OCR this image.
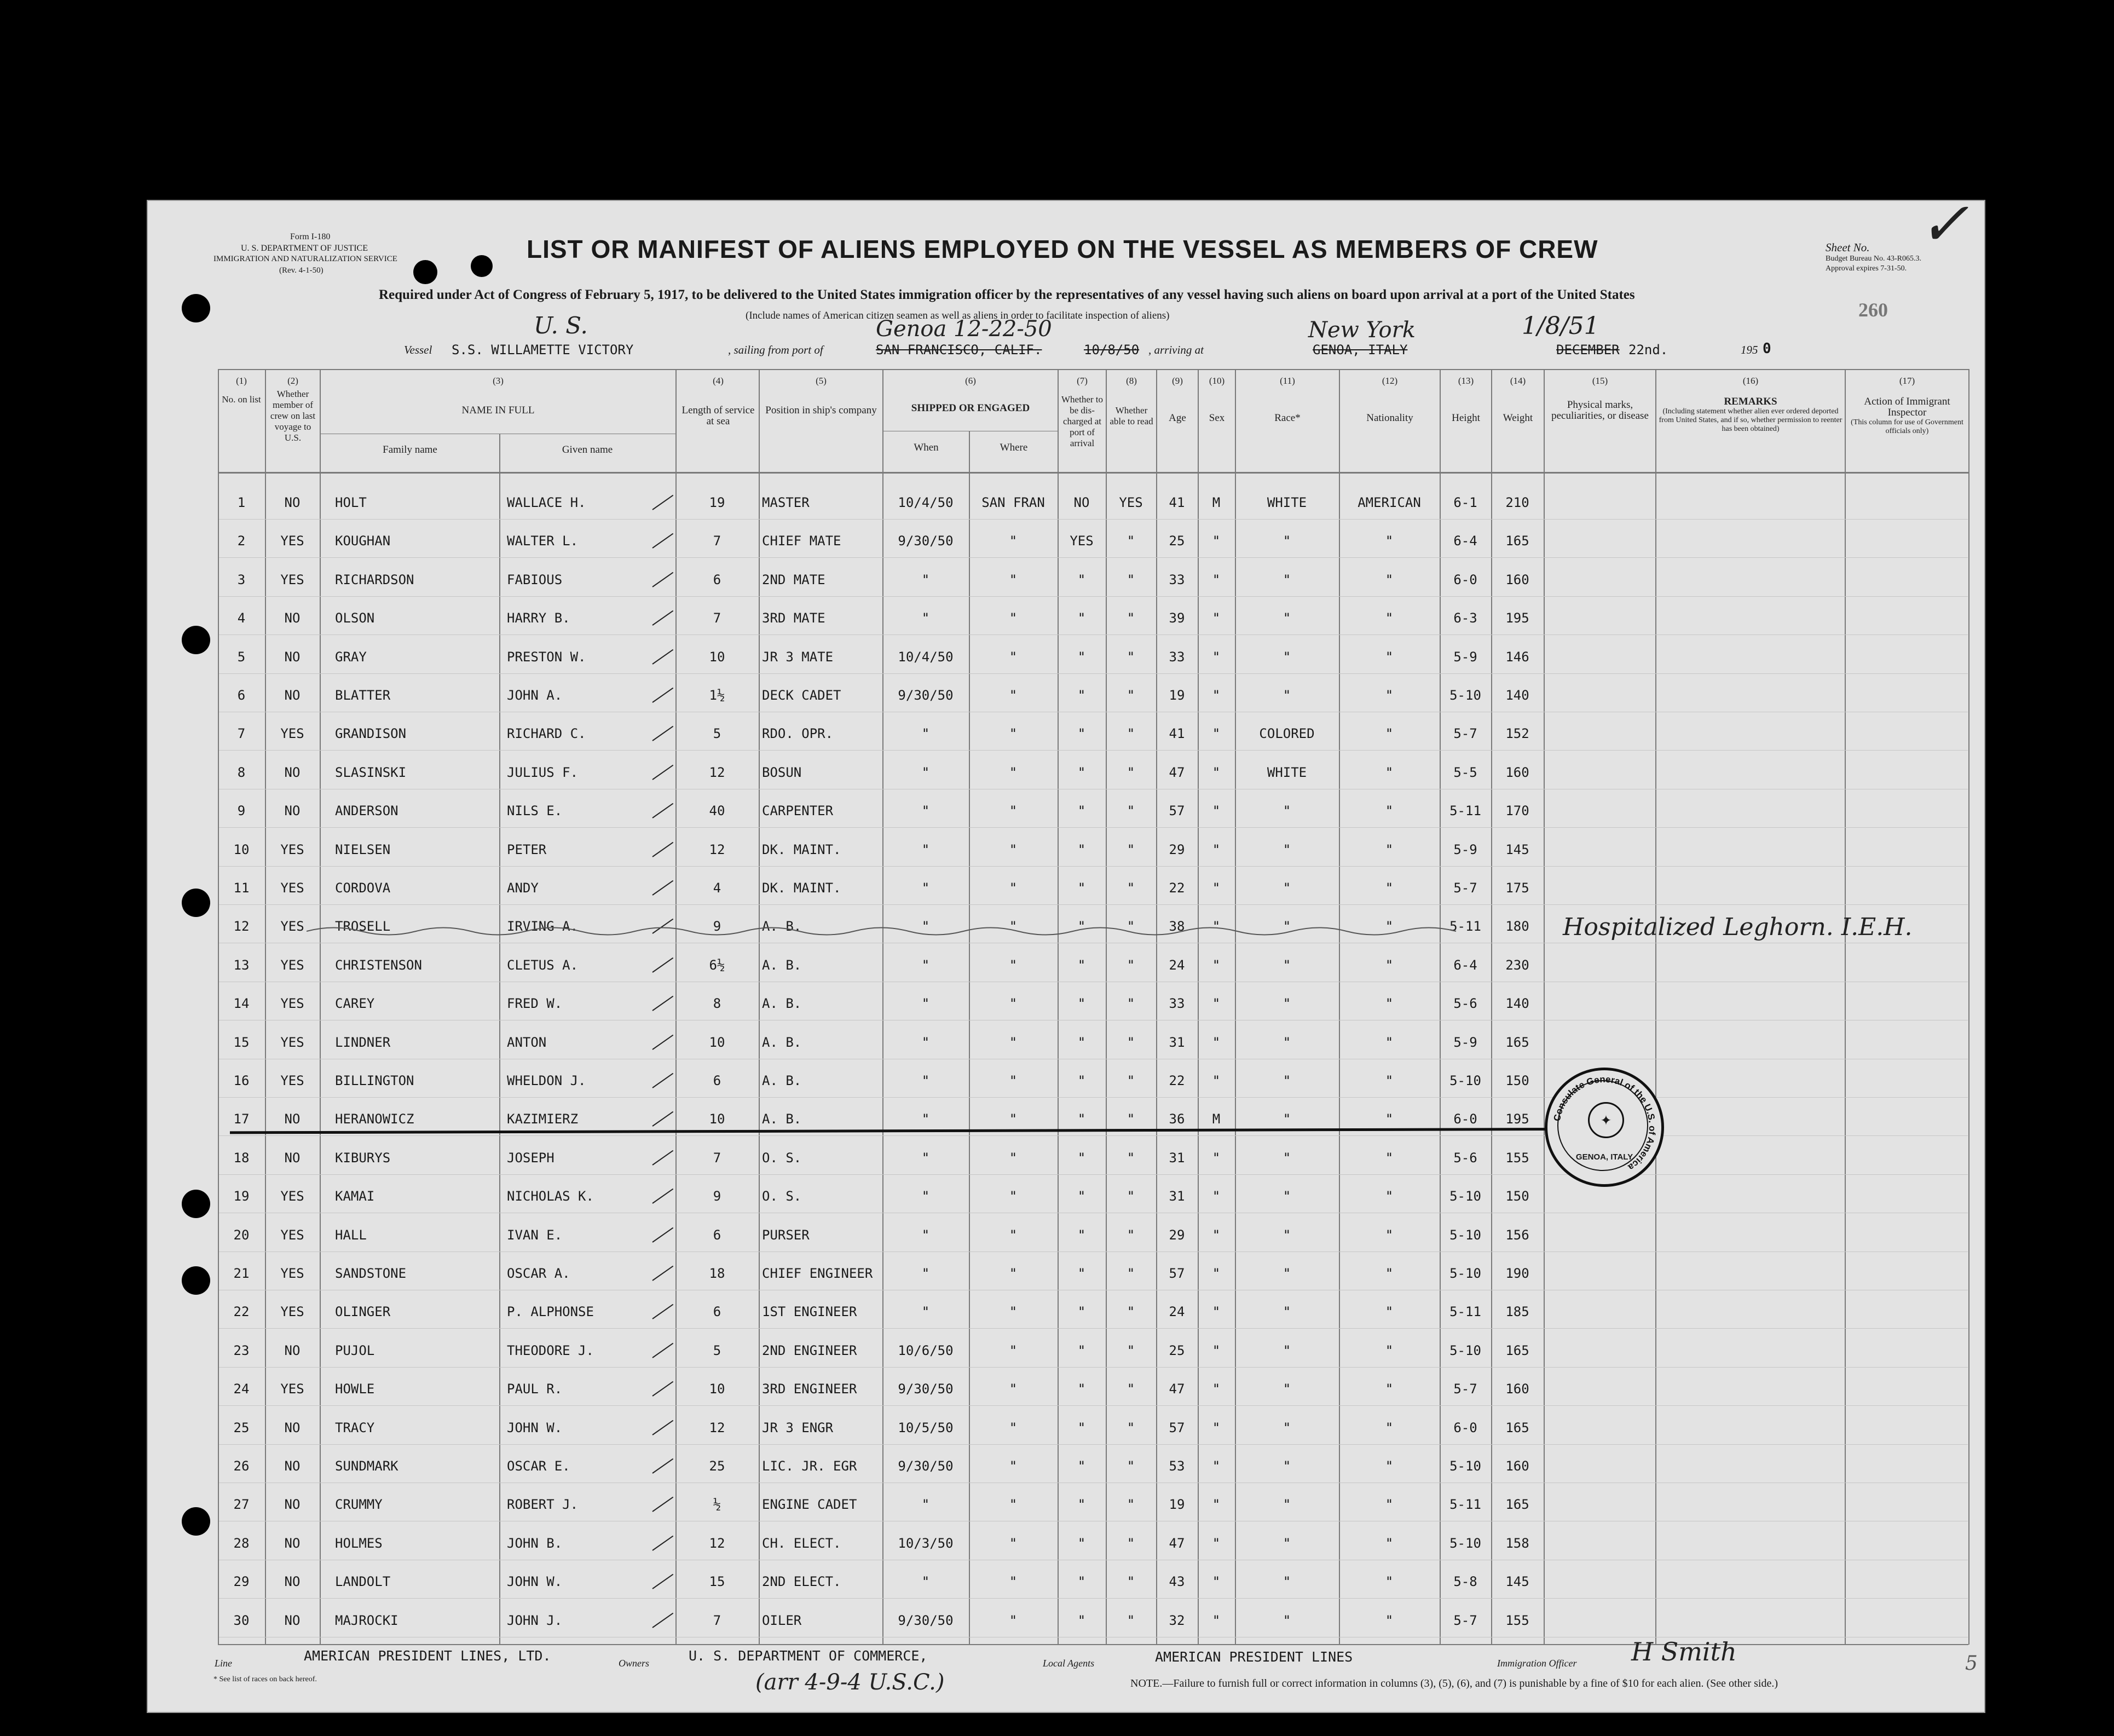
Form I-180
U. S. DEPARTMENT OF JUSTICE
IMMIGRATION AND NATURALIZATION SERVICE
(Rev. 4-1-50)
LIST OR MANIFEST OF ALIENS EMPLOYED ON THE VESSEL AS MEMBERS OF CREW
Required under Act of Congress of February 5, 1917, to be delivered to the United States immigration officer by the representatives of any vessel having such aliens on board upon arrival at a port of the United States
(Include names of American citizen seamen as well as aliens in order to facilitate inspection of aliens)
✓
Sheet No.
Budget Bureau No. 43-R065.3.
Approval expires 7-31-50.
260
Vessel
U. S.
S.S. WILLAMETTE VICTORY	, sailing from port of
Genoa 12-22-50
SAN FRANCISCO, CALIF.	10/8/50 , arriving at
New York
GENOA, ITALY
1/8/51
DECEMBER 22nd.	195 0
(1)
No. on list
(2)
Whether member of crew on last voyage to U.S.
(3)
NAME IN FULL
Family name	Given name
(4)
Length of service at sea
(5)
Position in ship's company
(6)
SHIPPED OR ENGAGED
When	Where
(7)
Whether to be dis-charged at port of arrival
(8)
Whether able to read
(9)
Age
(10)
Sex
(11)
Race*
(12)
Nationality
(13)
Height
(14)
Weight
(15)
Physical marks, peculiarities, or disease
(16)
REMARKS
(Including statement whether alien ever ordered deported from United States, and if so, whether permission to reenter has been obtained)
(17)
Action of Immigrant Inspector
(This column for use of Government officials only)
1	NO	HOLT	WALLACE H.	19	MASTER	10/4/50	SAN FRAN	NO	YES	41	M	WHITE	AMERICAN	6-1	210
2	YES	KOUGHAN	WALTER L.	7	CHIEF MATE	9/30/50	"	YES	"	25	"	"	"	6-4	165
3	YES	RICHARDSON	FABIOUS	6	2ND MATE	"	"	"	"	33	"	"	"	6-0	160
4	NO	OLSON	HARRY B.	7	3RD MATE	"	"	"	"	39	"	"	"	6-3	195
5	NO	GRAY	PRESTON W.	10	JR 3 MATE	10/4/50	"	"	"	33	"	"	"	5-9	146
6	NO	BLATTER	JOHN A.	1½	DECK CADET	9/30/50	"	"	"	19	"	"	"	5-10	140
7	YES	GRANDISON	RICHARD C.	5	RDO. OPR.	"	"	"	"	41	"	COLORED	"	5-7	152
8	NO	SLASINSKI	JULIUS F.	12	BOSUN	"	"	"	"	47	"	WHITE	"	5-5	160
9	NO	ANDERSON	NILS E.	40	CARPENTER	"	"	"	"	57	"	"	"	5-11	170
10	YES	NIELSEN	PETER	12	DK. MAINT.	"	"	"	"	29	"	"	"	5-9	145
11	YES	CORDOVA	ANDY	4	DK. MAINT.	"	"	"	"	22	"	"	"	5-7	175
12	YES	TROSELL	IRVING A.	9	A. B.	"	"	"	"	38	"	"	"	5-11	180
13	YES	CHRISTENSON	CLETUS A.	6½	A. B.	"	"	"	"	24	"	"	"	6-4	230
14	YES	CAREY	FRED W.	8	A. B.	"	"	"	"	33	"	"	"	5-6	140
15	YES	LINDNER	ANTON	10	A. B.	"	"	"	"	31	"	"	"	5-9	165
16	YES	BILLINGTON	WHELDON J.	6	A. B.	"	"	"	"	22	"	"	"	5-10	150
17	NO	HERANOWICZ	KAZIMIERZ	10	A. B.	"	"	"	"	36	M	"	"	6-0	195
18	NO	KIBURYS	JOSEPH	7	O. S.	"	"	"	"	31	"	"	"	5-6	155
19	YES	KAMAI	NICHOLAS K.	9	O. S.	"	"	"	"	31	"	"	"	5-10	150
20	YES	HALL	IVAN E.	6	PURSER	"	"	"	"	29	"	"	"	5-10	156
21	YES	SANDSTONE	OSCAR A.	18	CHIEF ENGINEER	"	"	"	"	57	"	"	"	5-10	190
22	YES	OLINGER	P. ALPHONSE	6	1ST ENGINEER	"	"	"	"	24	"	"	"	5-11	185
23	NO	PUJOL	THEODORE J.	5	2ND ENGINEER	10/6/50	"	"	"	25	"	"	"	5-10	165
24	YES	HOWLE	PAUL R.	10	3RD ENGINEER	9/30/50	"	"	"	47	"	"	"	5-7	160
25	NO	TRACY	JOHN W.	12	JR 3 ENGR	10/5/50	"	"	"	57	"	"	"	6-0	165
26	NO	SUNDMARK	OSCAR E.	25	LIC. JR. EGR	9/30/50	"	"	"	53	"	"	"	5-10	160
27	NO	CRUMMY	ROBERT J.	½	ENGINE CADET	"	"	"	"	19	"	"	"	5-11	165
28	NO	HOLMES	JOHN B.	12	CH. ELECT.	10/3/50	"	"	"	47	"	"	"	5-10	158
29	NO	LANDOLT	JOHN W.	15	2ND ELECT.	"	"	"	"	43	"	"	"	5-8	145
30	NO	MAJROCKI	JOHN J.	7	OILER	9/30/50	"	"	"	32	"	"	"	5-7	155
Hospitalized Leghorn. I.E.H.
Consulate General of the U.S. of America
✦
GENOA, ITALY
AMERICAN PRESIDENT LINES, LTD.
Line	U. S. DEPARTMENT OF COMMERCE,
Owners	AMERICAN PRESIDENT LINES
Local Agents	Immigration Officer H Smith
* See list of races on back hereof.	NOTE.—Failure to furnish full or correct information in columns (3), (5), (6), and (7) is punishable by a fine of $10 for each alien. (See other side.)
(arr 4-9-4 U.S.C.)
5
